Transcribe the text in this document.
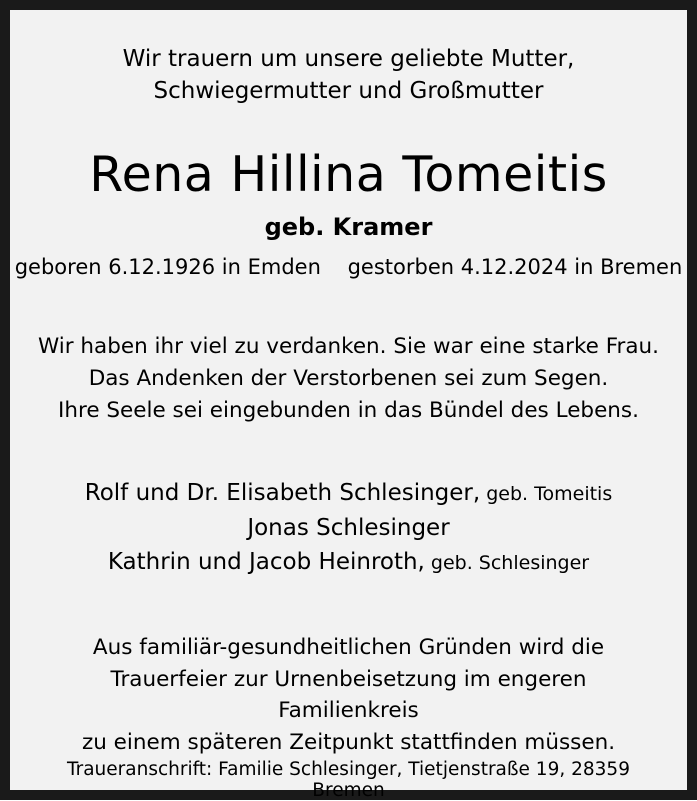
Wir trauern um unsere geliebte Mutter,
Schwiegermutter und Großmutter
Rena Hillina Tomeitis
geb. Kramer
geboren 6.12.1926 in Emden    gestorben 4.12.2024 in Bremen
Wir haben ihr viel zu verdanken. Sie war eine starke Frau.
Das Andenken der Verstorbenen sei zum Segen.
Ihre Seele sei eingebunden in das Bündel des Lebens.
Rolf und Dr. Elisabeth Schlesinger, geb. Tomeitis
Jonas Schlesinger
Kathrin und Jacob Heinroth, geb. Schlesinger
Aus familiär-gesundheitlichen Gründen wird die
Trauerfeier zur Urnenbeisetzung im engeren Familienkreis
zu einem späteren Zeitpunkt stattfinden müssen.
Traueranschrift: Familie Schlesinger, Tietjenstraße 19, 28359 Bremen
